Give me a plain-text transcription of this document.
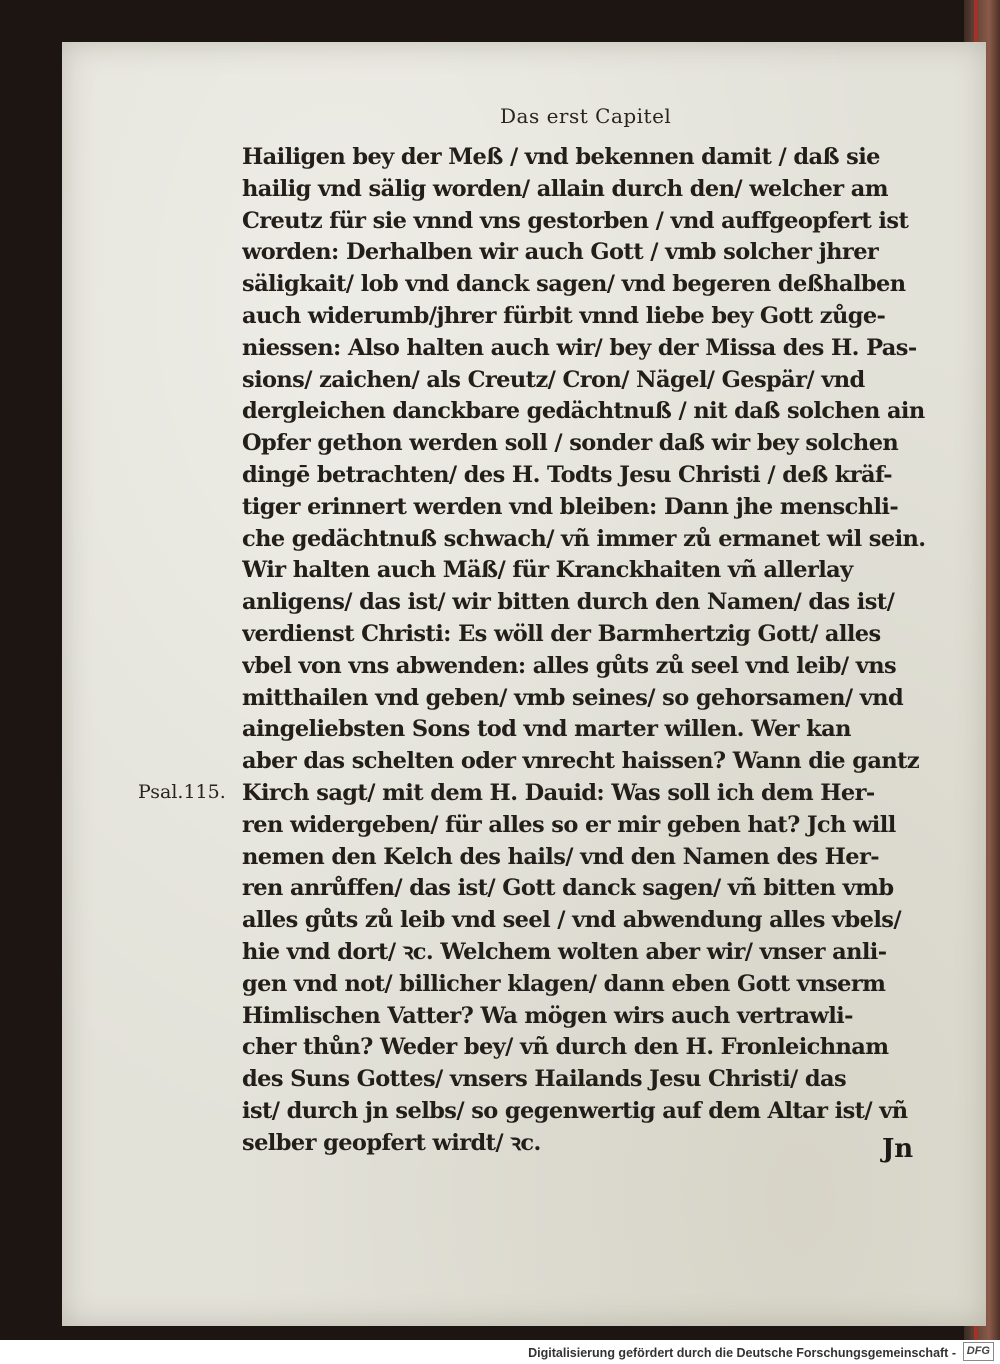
Das erst Capitel
Hailigen bey der Meß / vnd bekennen damit / daß sie
hailig vnd sälig worden/ allain durch den/ welcher am
Creutz für sie vnnd vns gestorben / vnd auffgeopfert ist
worden: Derhalben wir auch Gott / vmb solcher jhrer
säligkait/ lob vnd danck sagen/ vnd begeren deßhalben
auch widerumb/jhrer fürbit vnnd liebe bey Gott zůge-
niessen: Also halten auch wir/ bey der Missa des H. Pas-
sions/ zaichen/ als Creutz/ Cron/ Nägel/ Gespär/ vnd
dergleichen danckbare gedächtnuß / nit daß solchen ain
Opfer gethon werden soll / sonder daß wir bey solchen
dingē betrachten/ des H. Todts Jesu Christi / deß kräf-
tiger erinnert werden vnd bleiben: Dann jhe menschli-
che gedächtnuß schwach/ vñ immer zů ermanet wil sein.
Wir halten auch Mäß/ für Kranckhaiten vñ allerlay
anligens/ das ist/ wir bitten durch den Namen/ das ist/
verdienst Christi: Es wöll der Barmhertzig Gott/ alles
vbel von vns abwenden: alles gůts zů seel vnd leib/ vns
mitthailen vnd geben/ vmb seines/ so gehorsamen/ vnd
aingeliebsten Sons tod vnd marter willen. Wer kan
aber das schelten oder vnrecht haissen? Wann die gantz
Kirch sagt/ mit dem H. Dauid: Was soll ich dem Her-
ren widergeben/ für alles so er mir geben hat? Jch will
nemen den Kelch des hails/ vnd den Namen des Her-
ren anrůffen/ das ist/ Gott danck sagen/ vñ bitten vmb
alles gůts zů leib vnd seel / vnd abwendung alles vbels/
hie vnd dort/ ꝛc. Welchem wolten aber wir/ vnser anli-
gen vnd not/ billicher klagen/ dann eben Gott vnserm
Himlischen Vatter? Wa mögen wirs auch vertrawli-
cher thůn? Weder bey/ vñ durch den H. Fronleichnam
des Suns Gottes/ vnsers Hailands Jesu Christi/ das
ist/ durch jn selbs/ so gegenwertig auf dem Altar ist/ vñ
selber geopfert wirdt/ ꝛc.
Psal.115.
Jn
Digitalisierung gefördert durch die Deutsche Forschungsgemeinschaft - DFG
